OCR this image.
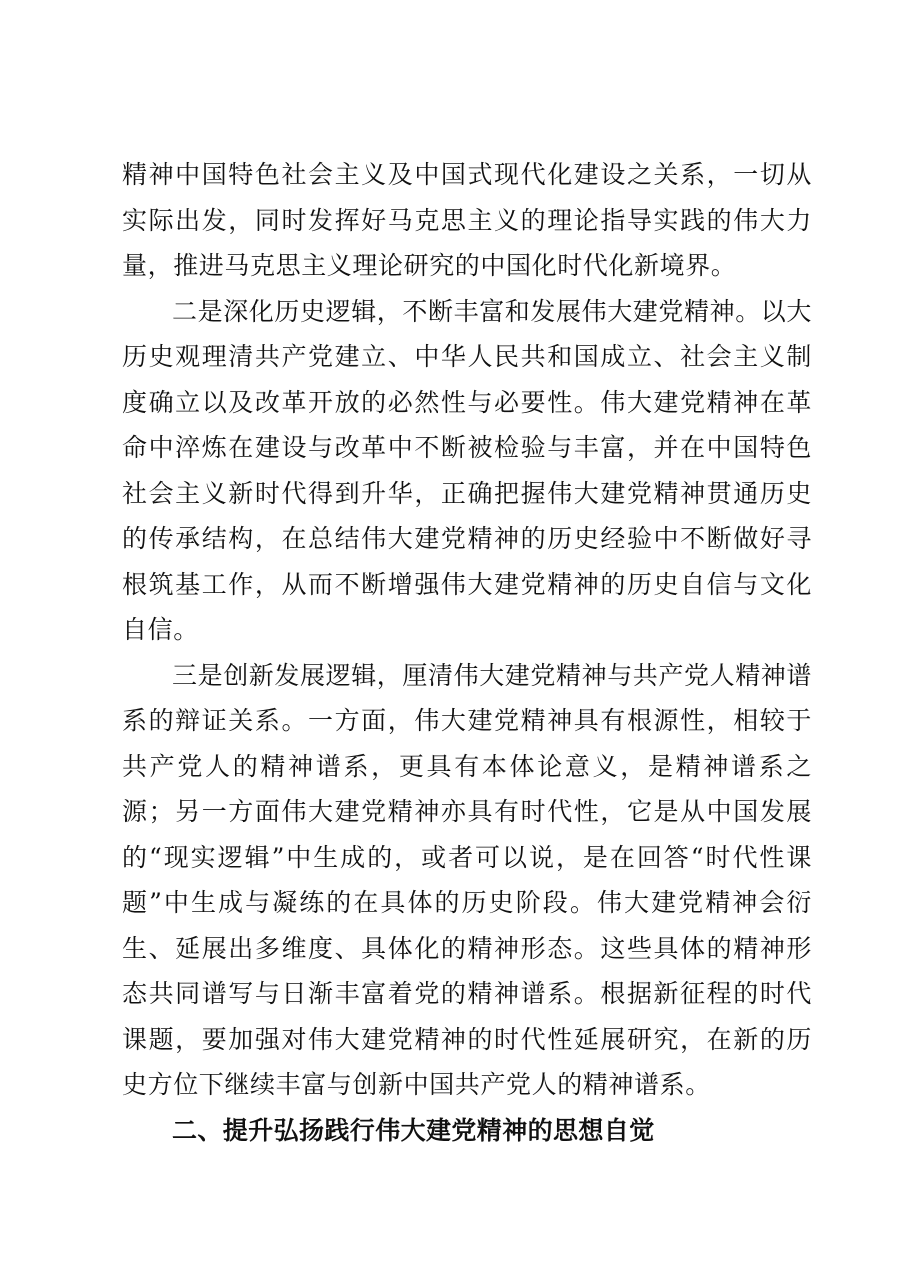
精神中国特色社会主义及中国式现代化建设之关系，一切从实际出发，同时发挥好马克思主义的理论指导实践的伟大力量，推进马克思主义理论研究的中国化时代化新境界。

二是深化历史逻辑，不断丰富和发展伟大建党精神。以大历史观理清共产党建立、中华人民共和国成立、社会主义制度确立以及改革开放的必然性与必要性。伟大建党精神在革命中淬炼在建设与改革中不断被检验与丰富，并在中国特色社会主义新时代得到升华，正确把握伟大建党精神贯通历史的传承结构，在总结伟大建党精神的历史经验中不断做好寻根筑基工作，从而不断增强伟大建党精神的历史自信与文化自信。

三是创新发展逻辑，厘清伟大建党精神与共产党人精神谱系的辩证关系。一方面，伟大建党精神具有根源性，相较于共产党人的精神谱系，更具有本体论意义，是精神谱系之源；另一方面伟大建党精神亦具有时代性，它是从中国发展的“现实逻辑”中生成的，或者可以说，是在回答“时代性课题”中生成与凝练的在具体的历史阶段。伟大建党精神会衍生、延展出多维度、具体化的精神形态。这些具体的精神形态共同谱写与日渐丰富着党的精神谱系。根据新征程的时代课题，要加强对伟大建党精神的时代性延展研究，在新的历史方位下继续丰富与创新中国共产党人的精神谱系。

二、提升弘扬践行伟大建党精神的思想自觉
